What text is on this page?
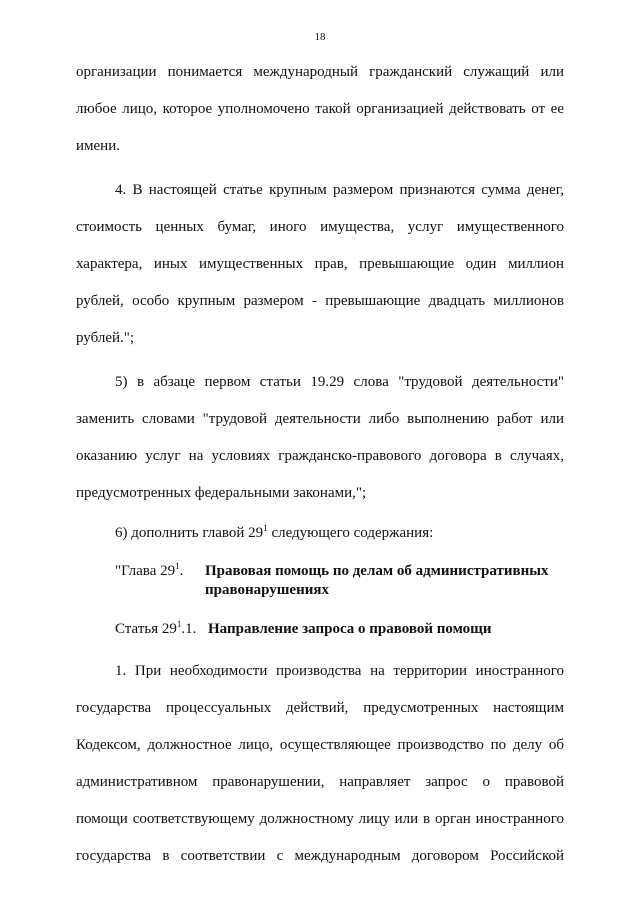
18
организации понимается международный гражданский служащий или
любое лицо, которое уполномочено такой организацией действовать от ее
имени.
4. В настоящей статье крупным размером признаются сумма денег,
стоимость ценных бумаг, иного имущества, услуг имущественного
характера, иных имущественных прав, превышающие один миллион
рублей, особо крупным размером - превышающие двадцать миллионов
рублей.";
5) в абзаце первом статьи 19.29 слова "трудовой деятельности"
заменить словами "трудовой деятельности либо выполнению работ или
оказанию услуг на условиях гражданско-правового договора в случаях,
предусмотренных федеральными законами,";
6) дополнить главой $29^1$ следующего содержания:
"Глава $29^1$. Правовая помощь по делам об административных
правонарушениях
Статья $29^1.1$. Направление запроса о правовой помощи
1. При необходимости производства на территории иностранного
государства процессуальных действий, предусмотренных настоящим
Кодексом, должностное лицо, осуществляющее производство по делу об
административном правонарушении, направляет запрос о правовой
помощи соответствующему должностному лицу или в орган иностранного
государства в соответствии с международным договором Российской
